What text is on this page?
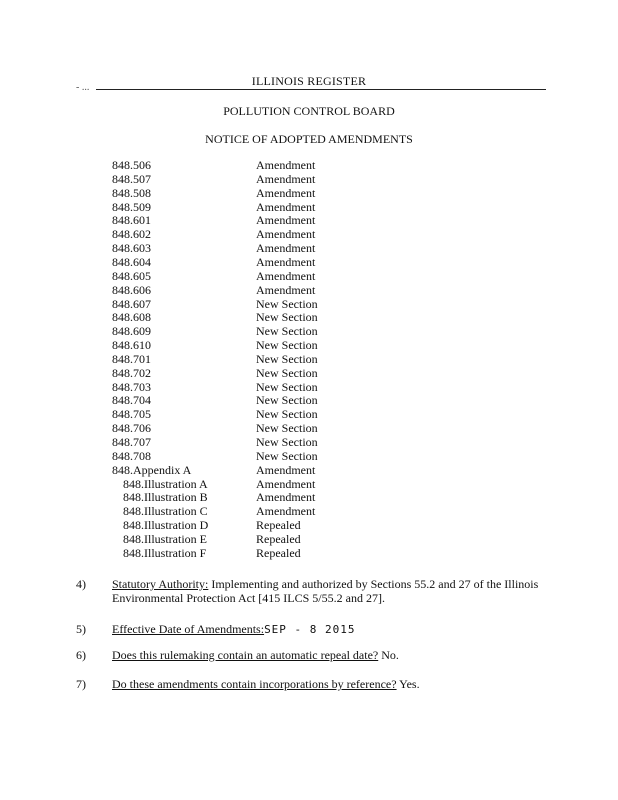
- ...	ILLINOIS REGISTER
POLLUTION CONTROL BOARD
NOTICE OF ADOPTED AMENDMENTS
848.506	Amendment
848.507	Amendment
848.508	Amendment
848.509	Amendment
848.601	Amendment
848.602	Amendment
848.603	Amendment
848.604	Amendment
848.605	Amendment
848.606	Amendment
848.607	New Section
848.608	New Section
848.609	New Section
848.610	New Section
848.701	New Section
848.702	New Section
848.703	New Section
848.704	New Section
848.705	New Section
848.706	New Section
848.707	New Section
848.708	New Section
848.Appendix A	Amendment
848.Illustration A	Amendment
848.Illustration B	Amendment
848.Illustration C	Amendment
848.Illustration D	Repealed
848.Illustration E	Repealed
848.Illustration F	Repealed
4) Statutory Authority: Implementing and authorized by Sections 55.2 and 27 of the Illinois
Environmental Protection Act [415 ILCS 5/55.2 and 27].
5) Effective Date of Amendments:SEP - 8 2015
6) Does this rulemaking contain an automatic repeal date? No.
7) Do these amendments contain incorporations by reference? Yes.
